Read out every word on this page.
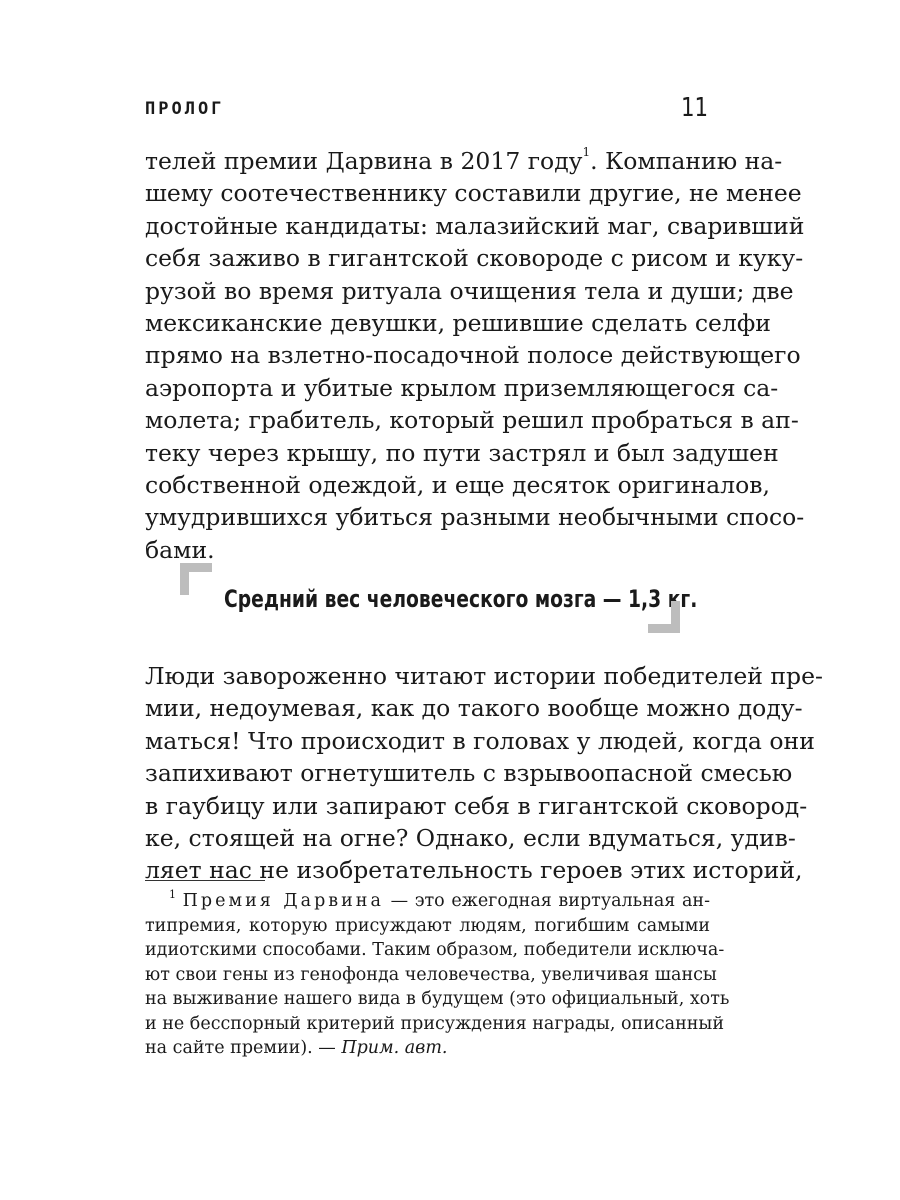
ПРОЛОГ	11
телей премии Дарвина в 2017 году$^1$. Компанию на-
шему соотечественнику составили другие, не менее
достойные кандидаты: малазийский маг, сваривший
себя заживо в гигантской сковороде с рисом и куку-
рузой во время ритуала очищения тела и души; две
мексиканские девушки, решившие сделать селфи
прямо на взлетно-посадочной полосе действующего
аэропорта и убитые крылом приземляющегося са-
молета; грабитель, который решил пробраться в ап-
теку через крышу, по пути застрял и был задушен
собственной одеждой, и еще десяток оригиналов,
умудрившихся убиться разными необычными спосо-
бами.
Средний вес человеческого мозга — 1,3 кг.
Люди завороженно читают истории победителей пре-
мии, недоумевая, как до такого вообще можно доду-
маться! Что происходит в головах у людей, когда они
запихивают огнетушитель с взрывоопасной смесью
в гаубицу или запирают себя в гигантской сковород-
ке, стоящей на огне? Однако, если вдуматься, удив-
ляет нас не изобретательность героев этих историй,
$^1$ Премия Дарвина — это ежегодная виртуальная ан-
типремия, которую присуждают людям, погибшим самыми
идиотскими способами. Таким образом, победители исключа-
ют свои гены из генофонда человечества, увеличивая шансы
на выживание нашего вида в будущем (это официальный, хоть
и не бесспорный критерий присуждения награды, описанный
на сайте премии). — Прим. авт.
